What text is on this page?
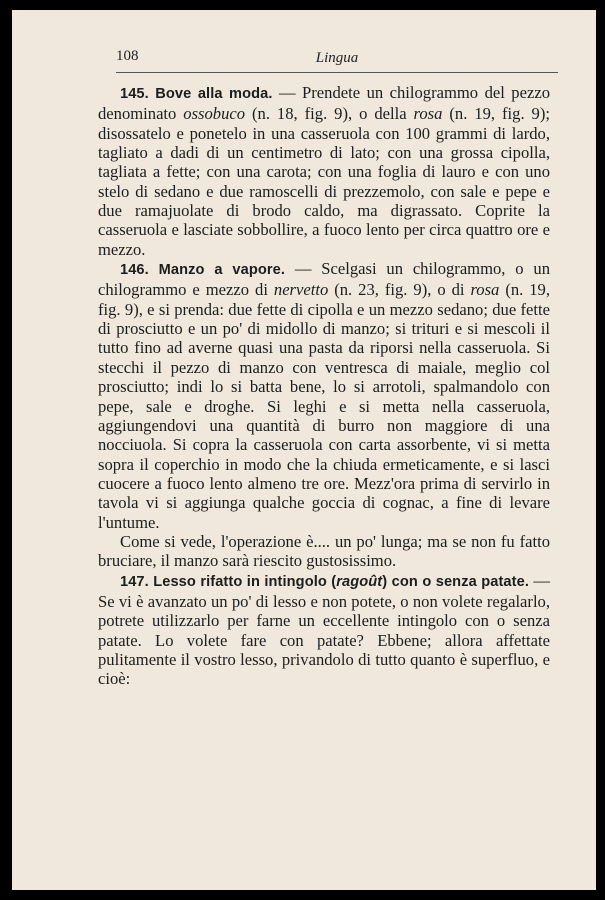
108	Lingua

145. Bove alla moda. — Prendete un chilogrammo del pezzo denominato ossobuco (n. 18, fig. 9), o della rosa (n. 19, fig. 9); disossatelo e ponetelo in una casseruola con 100 grammi di lardo, tagliato a dadi di un centimetro di lato; con una grossa cipolla, tagliata a fette; con una carota; con una foglia di lauro e con uno stelo di sedano e due ramoscelli di prezzemolo, con sale e pepe e due ramajuolate di brodo caldo, ma digrassato. Coprite la casseruola e lasciate sobbollire, a fuoco lento per circa quattro ore e mezzo.

146. Manzo a vapore. — Scelgasi un chilogrammo, o un chilogrammo e mezzo di nervetto (n. 23, fig. 9), o di rosa (n. 19, fig. 9), e si prenda: due fette di cipolla e un mezzo sedano; due fette di prosciutto e un po' di midollo di manzo; si trituri e si mescoli il tutto fino ad averne quasi una pasta da riporsi nella casseruola. Si stecchi il pezzo di manzo con ventresca di maiale, meglio col prosciutto; indi lo si batta bene, lo si arrotoli, spalmandolo con pepe, sale e droghe. Si leghi e si metta nella casseruola, aggiungendovi una quantità di burro non maggiore di una nocciuola. Si copra la casseruola con carta assorbente, vi si metta sopra il coperchio in modo che la chiuda ermeticamente, e si lasci cuocere a fuoco lento almeno tre ore. Mezz'ora prima di servirlo in tavola vi si aggiunga qualche goccia di cognac, a fine di levare l'untume.

Come si vede, l'operazione è.... un po' lunga; ma se non fu fatto bruciare, il manzo sarà riescito gustosissimo.

147. Lesso rifatto in intingolo (ragoût) con o senza patate. — Se vi è avanzato un po' di lesso e non potete, o non volete regalarlo, potrete utilizzarlo per farne un eccellente intingolo con o senza patate. Lo volete fare con patate? Ebbene; allora affettate pulitamente il vostro lesso, privandolo di tutto quanto è superfluo, e cioè:
